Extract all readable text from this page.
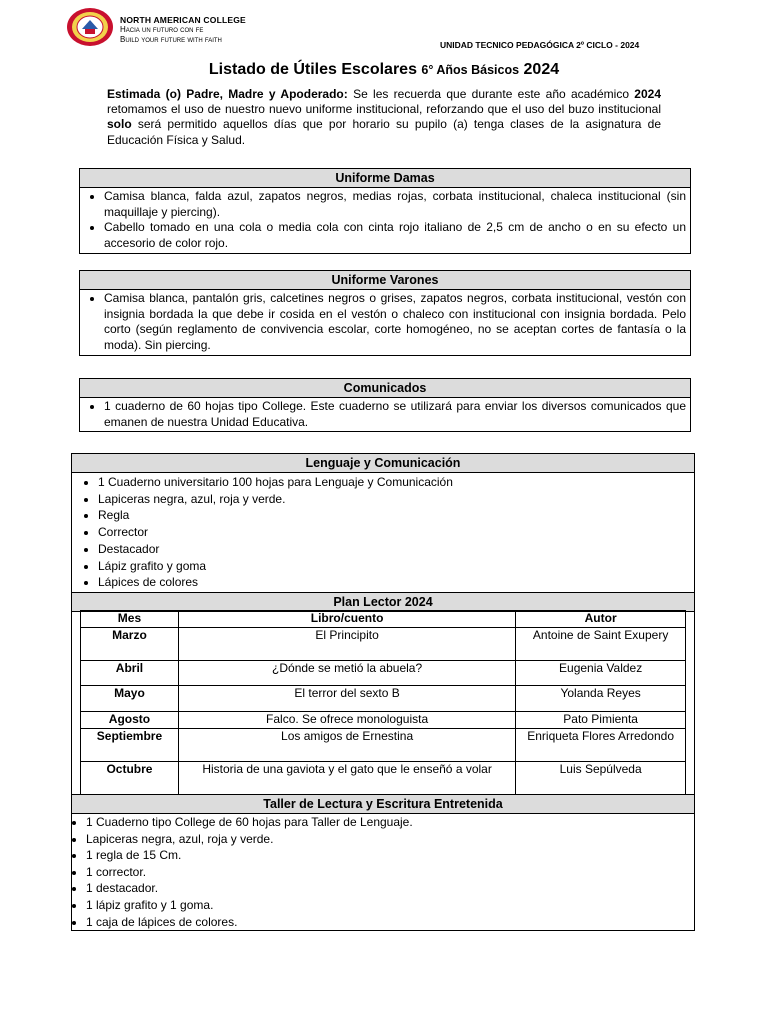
NORTH AMERICAN COLLEGE
Hacia un futuro con fe
Build your future with faith
UNIDAD TECNICO PEDAGÓGICA 2º CICLO - 2024
Listado de Útiles Escolares 6° Años Básicos 2024
Estimada (o) Padre, Madre y Apoderado: Se les recuerda que durante este año académico 2024 retomamos el uso de nuestro nuevo uniforme institucional, reforzando que el uso del buzo institucional solo será permitido aquellos días que por horario su pupilo (a) tenga clases de la asignatura de Educación Física y Salud.
Uniforme Damas
• Camisa blanca, falda azul, zapatos negros, medias rojas, corbata institucional, chaleca institucional (sin maquillaje y piercing).
• Cabello tomado en una cola o media cola con cinta rojo italiano de 2,5 cm de ancho o en su efecto un accesorio de color rojo.
Uniforme Varones
• Camisa blanca, pantalón gris, calcetines negros o grises, zapatos negros, corbata institucional, vestón con insignia bordada la que debe ir cosida en el vestón o chaleco con institucional con insignia bordada. Pelo corto (según reglamento de convivencia escolar, corte homogéneo, no se aceptan cortes de fantasía o la moda). Sin piercing.
Comunicados
• 1 cuaderno de 60 hojas tipo College. Este cuaderno se utilizará para enviar los diversos comunicados que emanen de nuestra Unidad Educativa.
Lenguaje y Comunicación
• 1 Cuaderno universitario 100 hojas para Lenguaje y Comunicación
• Lapiceras negra, azul, roja y verde.
• Regla
• Corrector
• Destacador
• Lápiz grafito y goma
• Lápices de colores
Plan Lector 2024
Taller de Lectura y Escritura Entretenida
• 1 Cuaderno tipo College de 60 hojas para Taller de Lenguaje.
• Lapiceras negra, azul, roja y verde.
• 1 regla de 15 Cm.
• 1 corrector.
• 1 destacador.
• 1 lápiz grafito y 1 goma.
• 1 caja de lápices de colores.
Mes	Libro/cuento	Autor
Marzo	El Principito	Antoine de Saint Exupery
Abril	¿Dónde se metió la abuela?	Eugenia Valdez
Mayo	El terror del sexto B	Yolanda Reyes
Agosto	Falco. Se ofrece monologuista	Pato Pimienta
Septiembre	Los amigos de Ernestina	Enriqueta Flores Arredondo
Octubre	Historia de una gaviota y el gato que le enseñó a volar	Luis Sepúlveda
